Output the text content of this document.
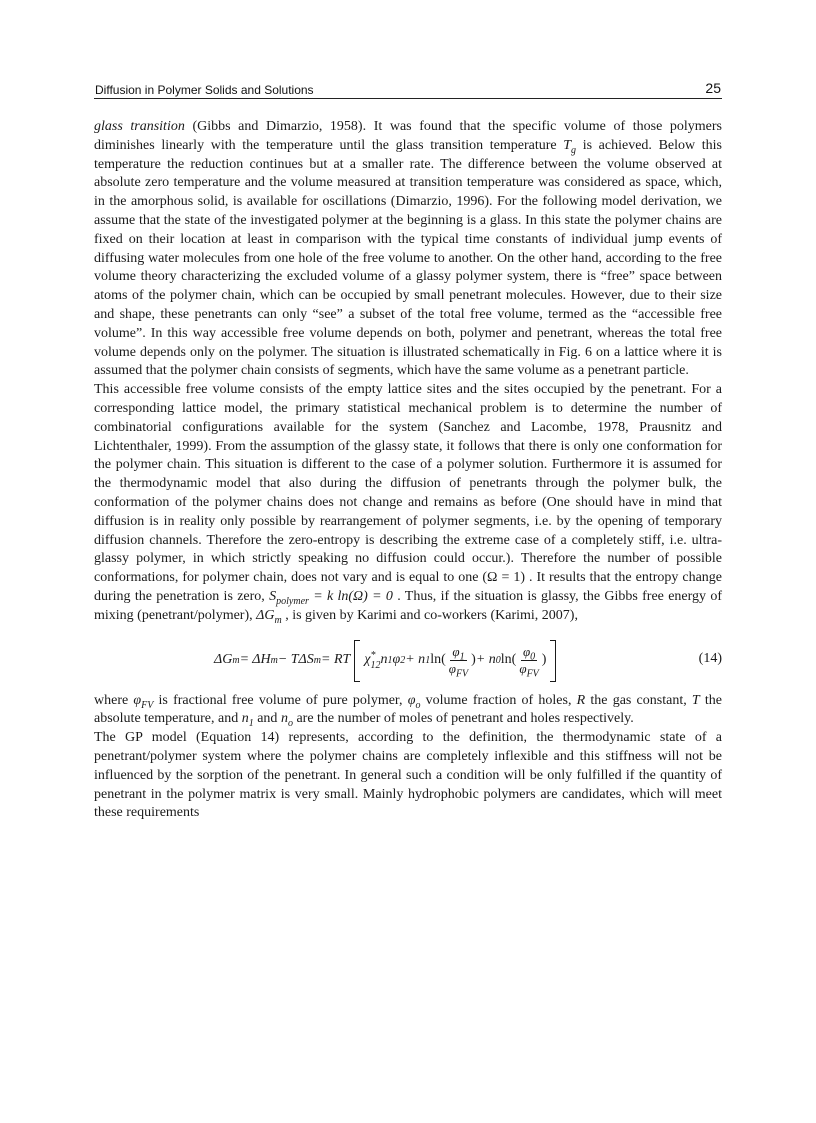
Diffusion in Polymer Solids and Solutions	25

glass transition (Gibbs and Dimarzio, 1958). It was found that the specific volume of those polymers diminishes linearly with the temperature until the glass transition temperature $T_g$ is achieved. Below this temperature the reduction continues but at a smaller rate. The difference between the volume observed at absolute zero temperature and the volume measured at transition temperature was considered as space, which, in the amorphous solid, is available for oscillations (Dimarzio, 1996). For the following model derivation, we assume that the state of the investigated polymer at the beginning is a glass. In this state the polymer chains are fixed on their location at least in comparison with the typical time constants of individual jump events of diffusing water molecules from one hole of the free volume to another. On the other hand, according to the free volume theory characterizing the excluded volume of a glassy polymer system, there is “free” space between atoms of the polymer chain, which can be occupied by small penetrant molecules. However, due to their size and shape, these penetrants can only “see” a subset of the total free volume, termed as the “accessible free volume”. In this way accessible free volume depends on both, polymer and penetrant, whereas the total free volume depends only on the polymer. The situation is illustrated schematically in Fig. 6 on a lattice where it is assumed that the polymer chain consists of segments, which have the same volume as a penetrant particle.

This accessible free volume consists of the empty lattice sites and the sites occupied by the penetrant. For a corresponding lattice model, the primary statistical mechanical problem is to determine the number of combinatorial configurations available for the system (Sanchez and Lacombe, 1978, Prausnitz and Lichtenthaler, 1999). From the assumption of the glassy state, it follows that there is only one conformation for the polymer chain. This situation is different to the case of a polymer solution. Furthermore it is assumed for the thermodynamic model that also during the diffusion of penetrants through the polymer bulk, the conformation of the polymer chains does not change and remains as before (One should have in mind that diffusion is in reality only possible by rearrangement of polymer segments, i.e. by the opening of temporary diffusion channels. Therefore the zero-entropy is describing the extreme case of a completely stiff, i.e. ultra-glassy polymer, in which strictly speaking no diffusion could occur.). Therefore the number of possible conformations, for polymer chain, does not vary and is equal to one (Ω = 1) . It results that the entropy change during the penetration is zero, $S_{polymer} = k$ ln(Ω) = 0 . Thus, if the situation is glassy, the Gibbs free energy of mixing (penetrant/polymer), $\Delta G_m$ , is given by Karimi and co-workers (Karimi, 2007),

ΔG m = ΔH m − TΔS m = RT χ *
12 n 1 φ 2 + n 1 $\ln( \frac{\varphi_1}{\varphi_{FV}}$ ) + n 0 $\ln( \frac{\varphi_0}{\varphi_{FV}}$ )	(14)

where $\varphi_{FV}$ is fractional free volume of pure polymer, $\varphi_o$ volume fraction of holes, R the gas constant, T the absolute temperature, and $n_1$ and $n_o$ are the number of moles of penetrant and holes respectively.

The GP model (Equation 14) represents, according to the definition, the thermodynamic state of a penetrant/polymer system where the polymer chains are completely inflexible and this stiffness will not be influenced by the sorption of the penetrant. In general such a condition will be only fulfilled if the quantity of penetrant in the polymer matrix is very small. Mainly hydrophobic polymers are candidates, which will meet these requirements
